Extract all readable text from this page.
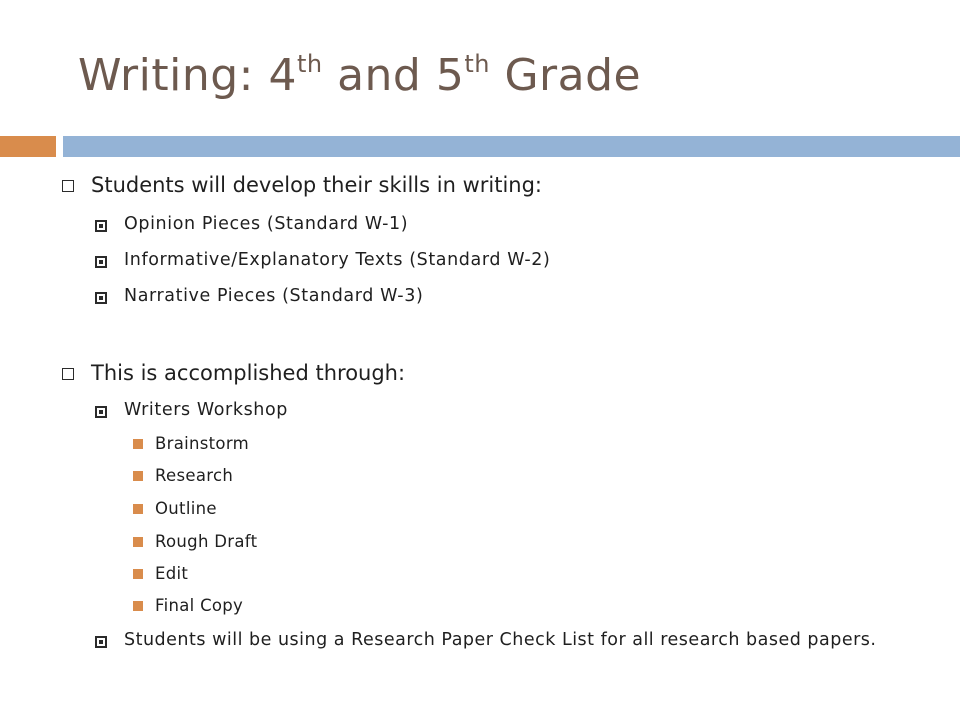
Writing: 4th and 5th Grade
Students will develop their skills in writing:
Opinion Pieces (Standard W-1)
Informative/Explanatory Texts (Standard W-2)
Narrative Pieces (Standard W-3)
This is accomplished through:
Writers Workshop
Brainstorm
Research
Outline
Rough Draft
Edit
Final Copy
Students will be using a Research Paper Check List for all research based papers.
